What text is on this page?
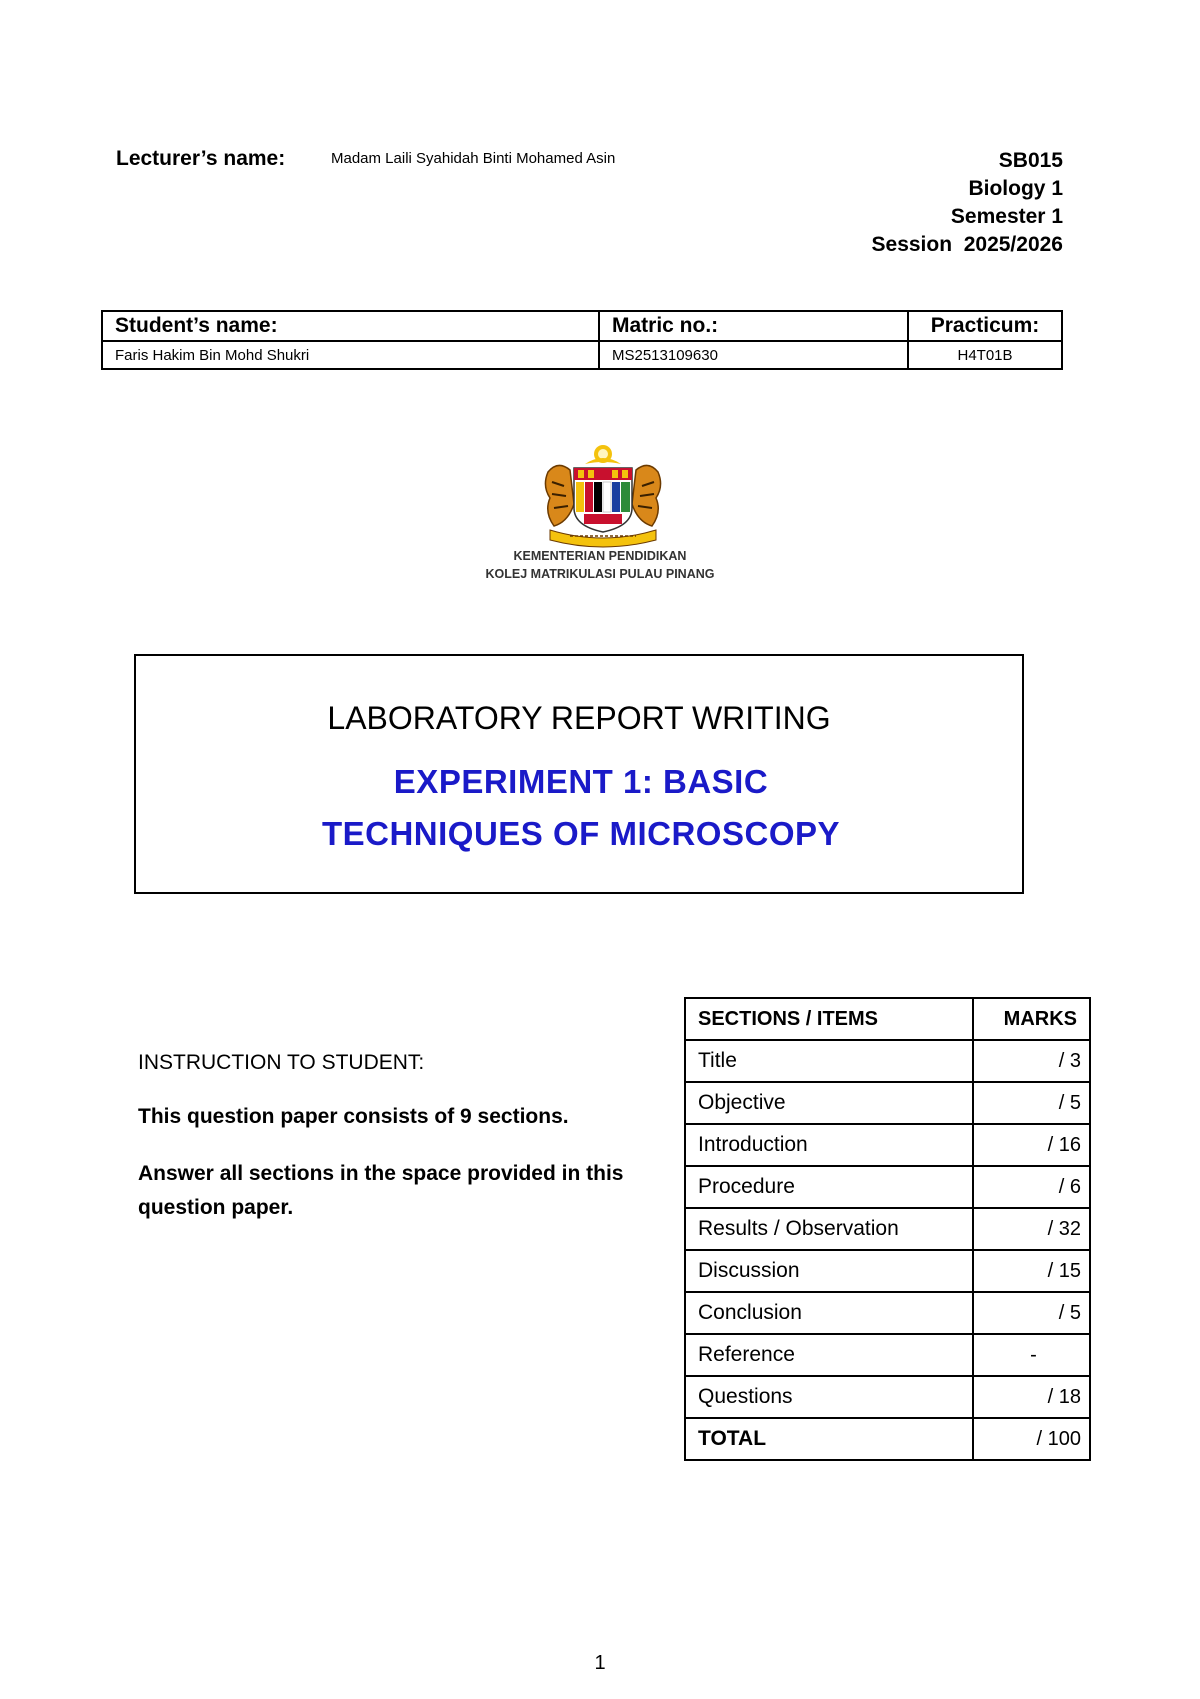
Lecturer’s name:	Madam Laili Syahidah Binti Mohamed Asin	SB015
Biology 1
Semester 1
Session  2025/2026
Student’s name:	Matric no.:	Practicum:
Faris Hakim Bin Mohd Shukri	MS2513109630	H4T01B
KEMENTERIAN PENDIDIKAN
KOLEJ MATRIKULASI PULAU PINANG
LABORATORY REPORT WRITING
EXPERIMENT 1: BASIC TECHNIQUES OF MICROSCOPY
INSTRUCTION TO STUDENT:
This question paper consists of 9 sections.
Answer all sections in the space provided in this question paper.
SECTIONS / ITEMS	MARKS
Title	/ 3
Objective	/ 5
Introduction	/ 16
Procedure	/ 6
Results / Observation	/ 32
Discussion	/ 15
Conclusion	/ 5
Reference	-
Questions	/ 18
TOTAL	/ 100
1
